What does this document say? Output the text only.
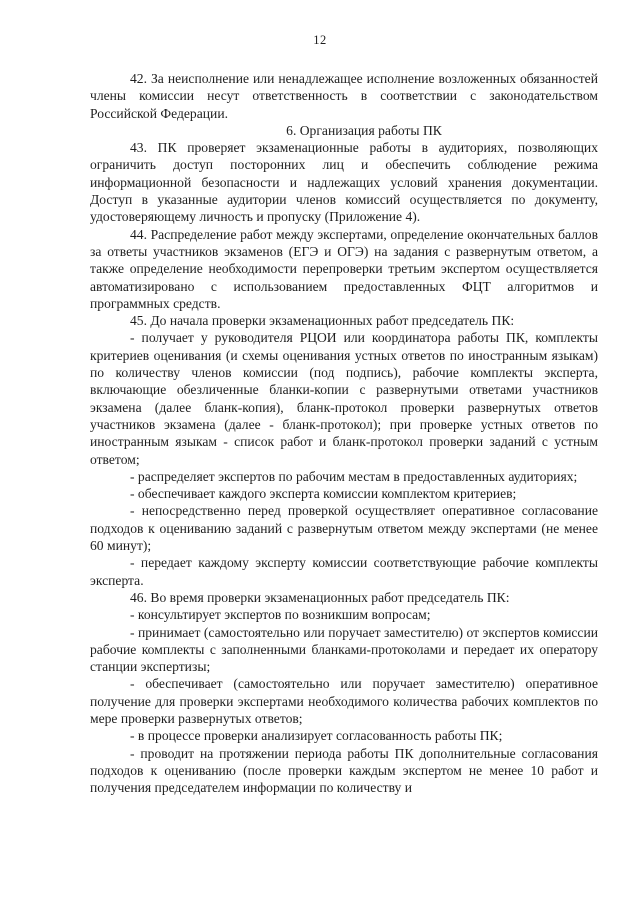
12

42. За неисполнение или ненадлежащее исполнение возложенных обязанностей члены комиссии несут ответственность в соответствии с законодательством Российской Федерации.

6. Организация работы ПК

43. ПК проверяет экзаменационные работы в аудиториях, позволяющих ограничить доступ посторонних лиц и обеспечить соблюдение режима информационной безопасности и надлежащих условий хранения документации. Доступ в указанные аудитории членов комиссий осуществляется по документу, удостоверяющему личность и пропуску (Приложение 4).

44. Распределение работ между экспертами, определение окончательных баллов за ответы участников экзаменов (ЕГЭ и ОГЭ) на задания с развернутым ответом, а также определение необходимости перепроверки третьим экспертом осуществляется автоматизировано с использованием предоставленных ФЦТ алгоритмов и программных средств.

45. До начала проверки экзаменационных работ председатель ПК:

- получает у руководителя РЦОИ или координатора работы ПК, комплекты критериев оценивания (и схемы оценивания устных ответов по иностранным языкам) по количеству членов комиссии (под подпись), рабочие комплекты эксперта, включающие обезличенные бланки-копии с развернутыми ответами участников экзамена (далее бланк-копия), бланк-протокол проверки развернутых ответов участников экзамена (далее - бланк-протокол); при проверке устных ответов по иностранным языкам - список работ и бланк-протокол проверки заданий с устным ответом;

- распределяет экспертов по рабочим местам в предоставленных аудиториях;

- обеспечивает каждого эксперта комиссии комплектом критериев;

- непосредственно перед проверкой осуществляет оперативное согласование подходов к оцениванию заданий с развернутым ответом между экспертами (не менее 60 минут);

- передает каждому эксперту комиссии соответствующие рабочие комплекты эксперта.

46. Во время проверки экзаменационных работ председатель ПК:

- консультирует экспертов по возникшим вопросам;

- принимает (самостоятельно или поручает заместителю) от экспертов комиссии рабочие комплекты с заполненными бланками-протоколами и передает их оператору станции экспертизы;

- обеспечивает (самостоятельно или поручает заместителю) оперативное получение для проверки экспертами необходимого количества рабочих комплектов по мере проверки развернутых ответов;

- в процессе проверки анализирует согласованность работы ПК;

- проводит на протяжении периода работы ПК дополнительные согласования подходов к оцениванию (после проверки каждым экспертом не менее 10 работ и получения председателем информации по количеству и
